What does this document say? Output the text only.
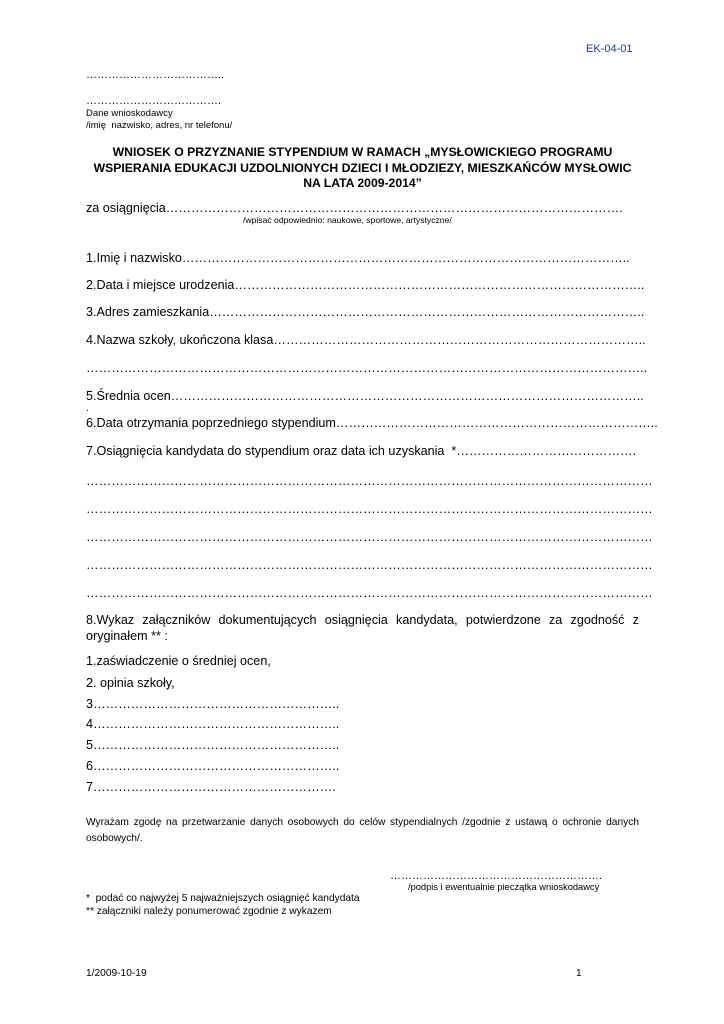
EK-04-01
………………………………..
……………………………….
Dane wnioskodawcy
/imię  nazwisko, adres, nr telefonu/
WNIOSEK O PRZYZNANIE STYPENDIUM W RAMACH „MYSŁOWICKIEGO PROGRAMU WSPIERANIA EDUKACJI UZDOLNIONYCH DZIECI I MŁODZIEZY, MIESZKAŃCÓW MYSŁOWIC NA LATA 2009-2014”
za osiągnięcia……………………………………………………………………………………………….
/wpisać odpowiednio: naukowe, sportowe, artystyczne/
1.Imię i nazwisko……………………………………………………………………………………………..
2.Data i miejsce urodzenia……………………………………………………………………………………..
3.Adres zamieszkania…………………………………………………………………………………………..
4.Nazwa szkoły, ukończona klasa……………………………………………………………………………..
……………………………………………………………………………………………………………………..
5.Średnia ocen…………………………………………………………………………………………………..
.
6.Data otrzymania poprzedniego stypendium…………………………………………………………………..
7.Osiągnięcia kandydata do stypendium oraz data ich uzyskania  *…………………………………….
………………………………………………………………………………………………………………………
………………………………………………………………………………………………………………………
………………………………………………………………………………………………………………………
………………………………………………………………………………………………………………………
………………………………………………………………………………………………………………………
8.Wykaz załączników dokumentujących osiągnięcia kandydata, potwierdzone za zgodność z oryginałem ** :
1.zaświadczenie o średniej ocen,
2. opinia szkoły,
3…………………………………………………..
4…………………………………………………..
5…………………………………………………..
6…………………………………………………..
7………………………………………………….
Wyrażam zgodę na przetwarzanie danych osobowych do celów stypendialnych /zgodnie z ustawą o ochronie danych osobowych/.
………………………………………………….
/podpis i ewentualnie pieczątka wnioskodawcy
*  podać co najwyżej 5 najważniejszych osiągnięć kandydata
** załączniki należy ponumerować zgodnie z wykazem
1/2009-10-19	1
